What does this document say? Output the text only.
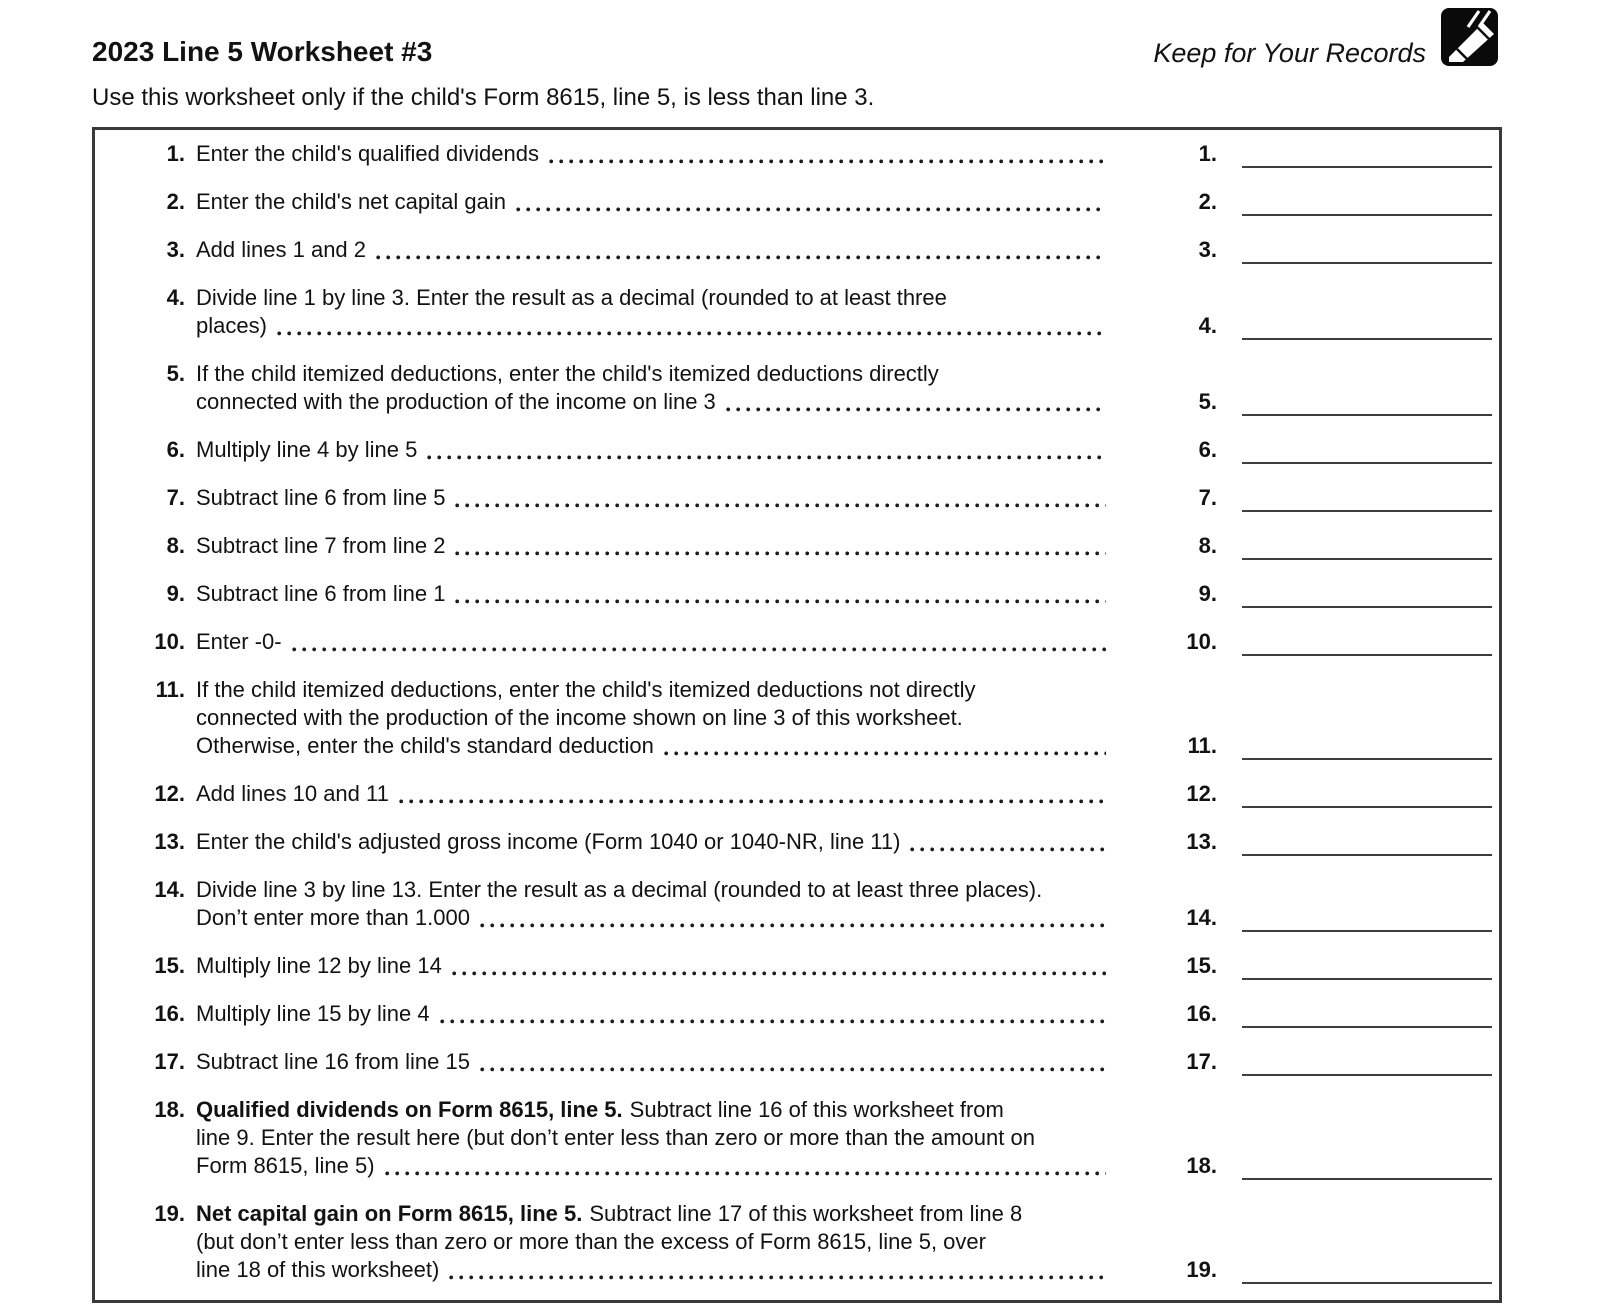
2023 Line 5 Worksheet #3	Keep for Your Records

Use this worksheet only if the child's Form 8615, line 5, is less than line 3.

1. Enter the child's qualified dividends	1.
2. Enter the child's net capital gain	2.
3. Add lines 1 and 2	3.
4. Divide line 1 by line 3. Enter the result as a decimal (rounded to at least three
places)	4.
5. If the child itemized deductions, enter the child's itemized deductions directly
connected with the production of the income on line 3	5.
6. Multiply line 4 by line 5	6.
7. Subtract line 6 from line 5	7.
8. Subtract line 7 from line 2	8.
9. Subtract line 6 from line 1	9.
10. Enter -0-	10.
11. If the child itemized deductions, enter the child's itemized deductions not directly
connected with the production of the income shown on line 3 of this worksheet.
Otherwise, enter the child's standard deduction	11.
12. Add lines 10 and 11	12.
13. Enter the child's adjusted gross income (Form 1040 or 1040-NR, line 11)	13.
14. Divide line 3 by line 13. Enter the result as a decimal (rounded to at least three places).
Don’t enter more than 1.000	14.
15. Multiply line 12 by line 14	15.
16. Multiply line 15 by line 4	16.
17. Subtract line 16 from line 15	17.
18. Qualified dividends on Form 8615, line 5. Subtract line 16 of this worksheet from
line 9. Enter the result here (but don’t enter less than zero or more than the amount on
Form 8615, line 5)	18.
19. Net capital gain on Form 8615, line 5. Subtract line 17 of this worksheet from line 8
(but don’t enter less than zero or more than the excess of Form 8615, line 5, over
line 18 of this worksheet)	19.
